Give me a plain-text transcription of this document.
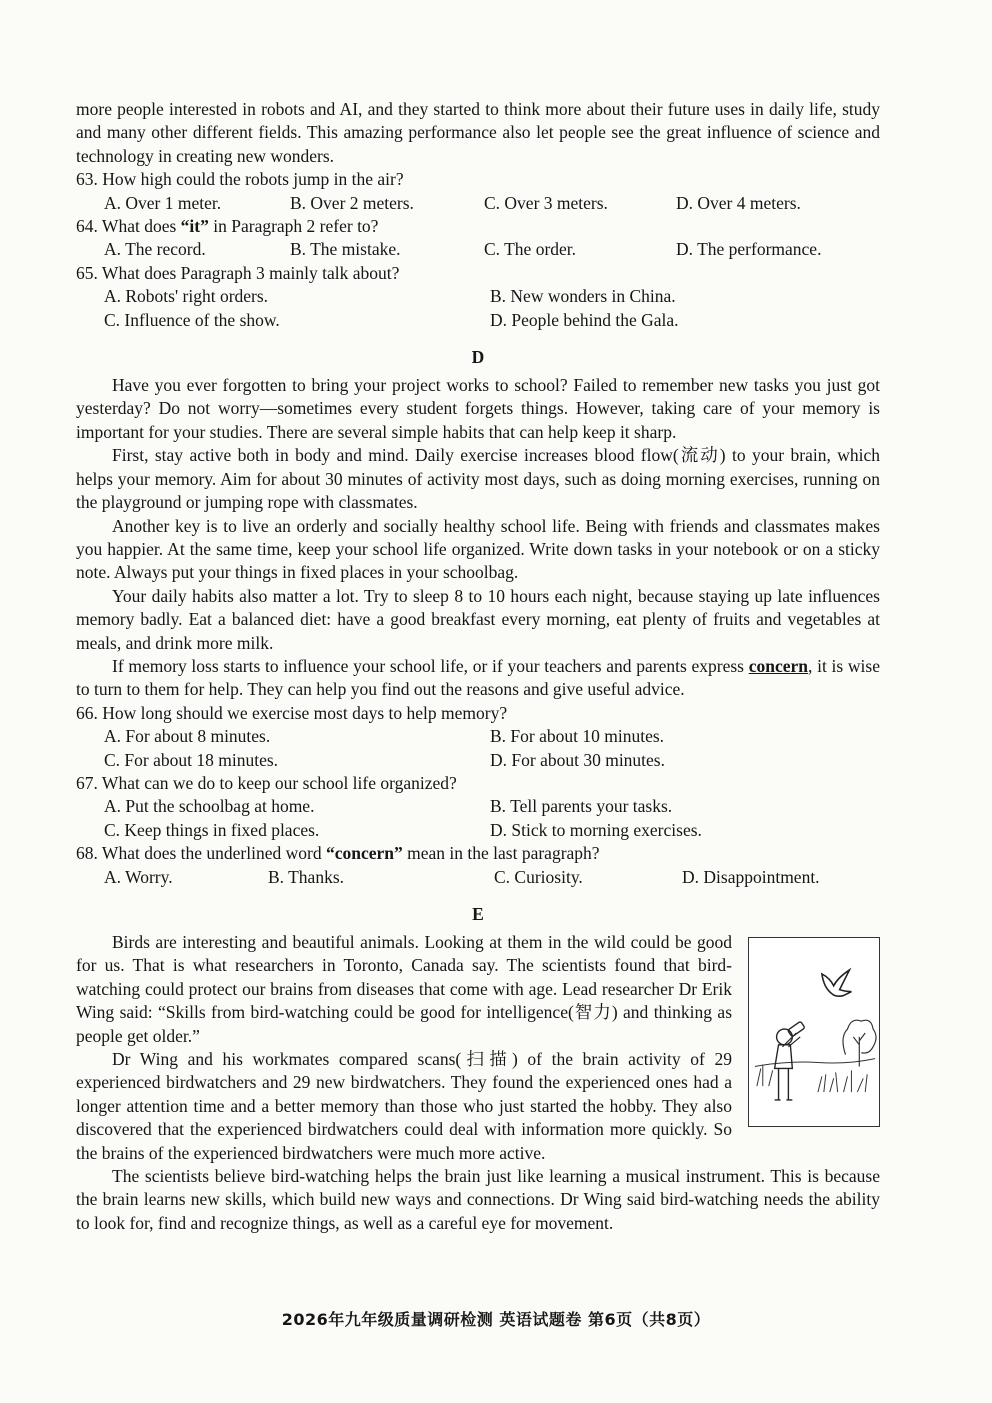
more people interested in robots and AI, and they started to think more about their future uses in daily life, study and many other different fields. This amazing performance also let people see the great influence of science and technology in creating new wonders.

63. How high could the robots jump in the air?

A. Over 1 meter.	B. Over 2 meters.	C. Over 3 meters.	D. Over 4 meters.

64. What does “it” in Paragraph 2 refer to?

A. The record.	B. The mistake.	C. The order.	D. The performance.

65. What does Paragraph 3 mainly talk about?

A. Robots' right orders.	B. New wonders in China.
C. Influence of the show.	D. People behind the Gala.
D

Have you ever forgotten to bring your project works to school? Failed to remember new tasks you just got yesterday? Do not worry—sometimes every student forgets things. However, taking care of your memory is important for your studies. There are several simple habits that can help keep it sharp.

First, stay active both in body and mind. Daily exercise increases blood flow(流动) to your brain, which helps your memory. Aim for about 30 minutes of activity most days, such as doing morning exercises, running on the playground or jumping rope with classmates.

Another key is to live an orderly and socially healthy school life. Being with friends and classmates makes you happier. At the same time, keep your school life organized. Write down tasks in your notebook or on a sticky note. Always put your things in fixed places in your schoolbag.

Your daily habits also matter a lot. Try to sleep 8 to 10 hours each night, because staying up late influences memory badly. Eat a balanced diet: have a good breakfast every morning, eat plenty of fruits and vegetables at meals, and drink more milk.

If memory loss starts to influence your school life, or if your teachers and parents express concern, it is wise to turn to them for help. They can help you find out the reasons and give useful advice.

66. How long should we exercise most days to help memory?

A. For about 8 minutes.	B. For about 10 minutes.
C. For about 18 minutes.	D. For about 30 minutes.

67. What can we do to keep our school life organized?

A. Put the schoolbag at home.	B. Tell parents your tasks.
C. Keep things in fixed places.	D. Stick to morning exercises.

68. What does the underlined word “concern” mean in the last paragraph?

A. Worry.	B. Thanks.	C. Curiosity.	D. Disappointment.
E

Birds are interesting and beautiful animals. Looking at them in the wild could be good for us. That is what researchers in Toronto, Canada say. The scientists found that bird-watching could protect our brains from diseases that come with age. Lead researcher Dr Erik Wing said: “Skills from bird-watching could be good for intelligence(智力) and thinking as people get older.”

Dr Wing and his workmates compared scans(扫描) of the brain activity of 29 experienced birdwatchers and 29 new birdwatchers. They found the experienced ones had a longer attention time and a better memory than those who just started the hobby. They also discovered that the experienced birdwatchers could deal with information more quickly. So the brains of the experienced birdwatchers were much more active.

The scientists believe bird-watching helps the brain just like learning a musical instrument. This is because the brain learns new skills, which build new ways and connections. Dr Wing said bird-watching needs the ability to look for, find and recognize things, as well as a careful eye for movement.

2026年九年级质量调研检测 英语试题卷 第6页（共8页）
